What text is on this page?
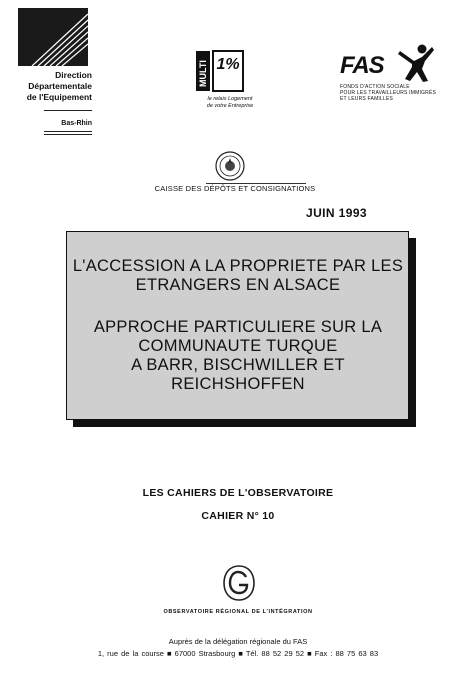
Direction
Départementale
de l'Equipement
Bas-Rhin
MULTI 1%
le relais Logement
de votre Entreprise
FAS
FONDS D'ACTION SOCIALE
POUR LES TRAVAILLEURS IMMIGRÉS
ET LEURS FAMILLES
CAISSE DES DÉPÔTS ET CONSIGNATIONS
JUIN 1993
L'ACCESSION A LA PROPRIETE PAR LES
ETRANGERS EN ALSACE
APPROCHE PARTICULIERE SUR LA
COMMUNAUTE TURQUE
A BARR, BISCHWILLER ET
REICHSHOFFEN
LES CAHIERS DE L'OBSERVATOIRE
CAHIER N° 10
OBSERVATOIRE RÉGIONAL DE L'INTÉGRATION
Auprès de la délégation régionale du FAS
1, rue de la course ■ 67000 Strasbourg ■ Tél. 88 52 29 52 ■ Fax : 88 75 63 83
